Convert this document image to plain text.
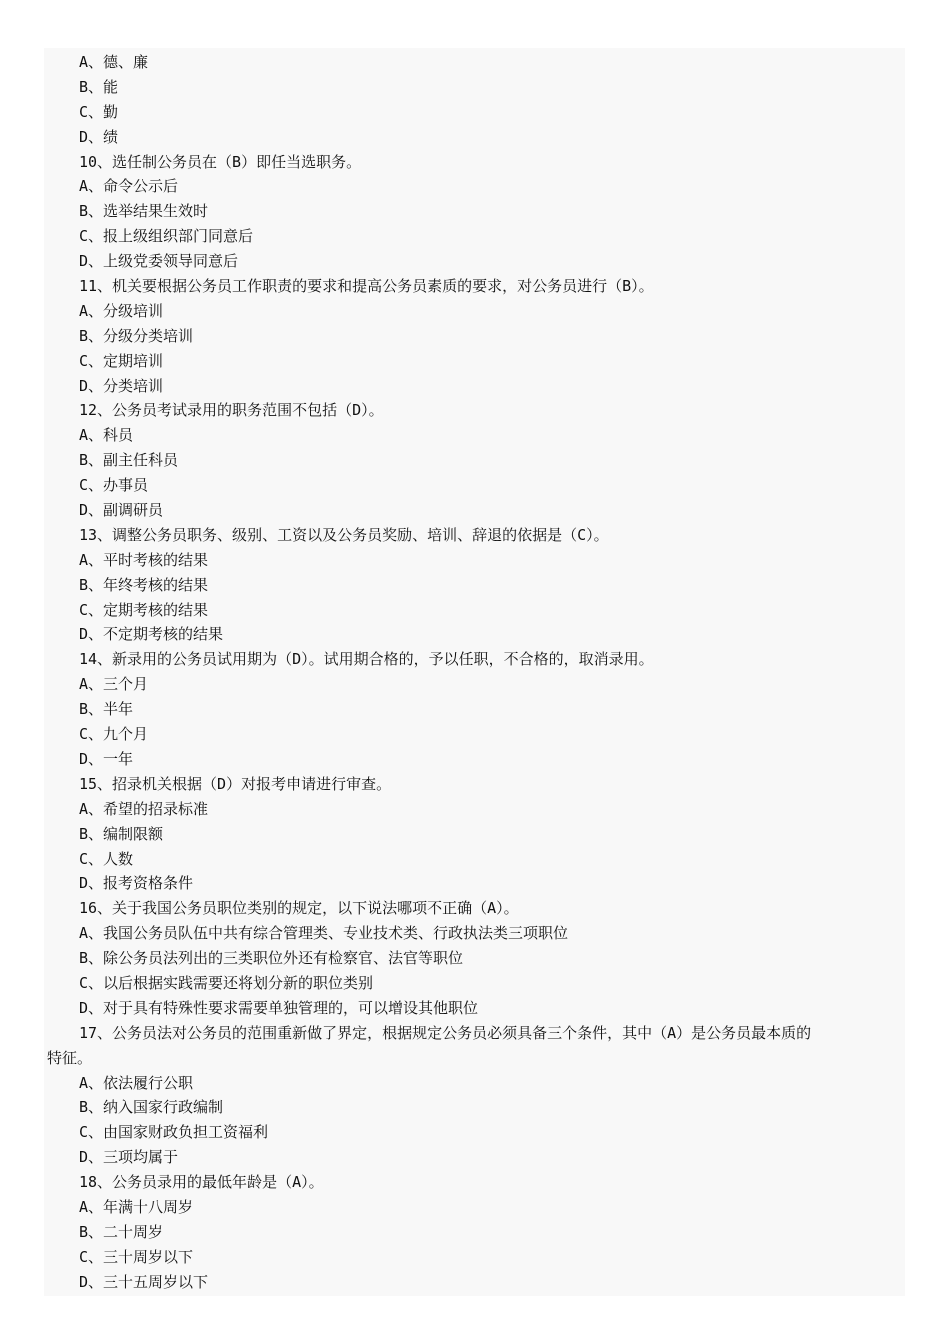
A、德、廉
B、能
C、勤
D、绩
10、选任制公务员在（B）即任当选职务。
A、命令公示后
B、选举结果生效时
C、报上级组织部门同意后
D、上级党委领导同意后
11、机关要根据公务员工作职责的要求和提高公务员素质的要求，对公务员进行（B）。
A、分级培训
B、分级分类培训
C、定期培训
D、分类培训
12、公务员考试录用的职务范围不包括（D）。
A、科员
B、副主任科员
C、办事员
D、副调研员
13、调整公务员职务、级别、工资以及公务员奖励、培训、辞退的依据是（C）。
A、平时考核的结果
B、年终考核的结果
C、定期考核的结果
D、不定期考核的结果
14、新录用的公务员试用期为（D）。试用期合格的，予以任职，不合格的，取消录用。
A、三个月
B、半年
C、九个月
D、一年
15、招录机关根据（D）对报考申请进行审查。
A、希望的招录标准
B、编制限额
C、人数
D、报考资格条件
16、关于我国公务员职位类别的规定，以下说法哪项不正确（A）。
A、我国公务员队伍中共有综合管理类、专业技术类、行政执法类三项职位
B、除公务员法列出的三类职位外还有检察官、法官等职位
C、以后根据实践需要还将划分新的职位类别
D、对于具有特殊性要求需要单独管理的，可以增设其他职位
17、公务员法对公务员的范围重新做了界定，根据规定公务员必须具备三个条件，其中（A）是公务员最本质的
特征。
A、依法履行公职
B、纳入国家行政编制
C、由国家财政负担工资福利
D、三项均属于
18、公务员录用的最低年龄是（A）。
A、年满十八周岁
B、二十周岁
C、三十周岁以下
D、三十五周岁以下
